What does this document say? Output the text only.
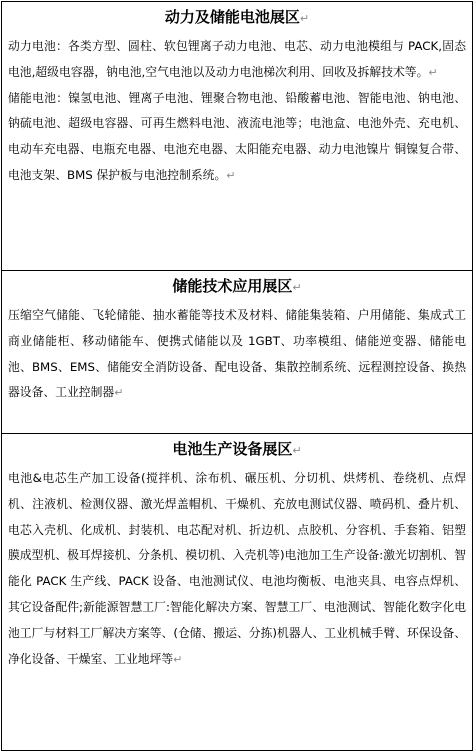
动力及储能电池展区↵

动力电池：各类方型、圆柱、软包锂离子动力电池、电芯、动力电池模组与 PACK,固态电池,超级电容器，钠电池,空气电池以及动力电池梯次利用、回收及拆解技术等。↵

储能电池：镍氢电池、锂离子电池、锂聚合物电池、铅酸蓄电池、智能电池、钠电池、钠硫电池、超级电容器、可再生燃料电池、液流电池等；电池盒、电池外壳、充电机、电动车充电器、电瓶充电器、电池充电器、太阳能充电器、动力电池镍片 铜镍复合带、电池支架、BMS 保护板与电池控制系统。↵

储能技术应用展区↵

压缩空气储能、飞轮储能、抽水蓄能等技术及材料、储能集装箱、户用储能、集成式工商业储能柜、移动储能车、便携式储能以及 1GBT、功率模组、储能逆变器、储能电池、BMS、EMS、储能安全消防设备、配电设备、集散控制系统、远程测控设备、换热器设备、工业控制器↵

电池生产设备展区↵

电池&电芯生产加工设备(搅拌机、涂布机、碾压机、分切机、烘烤机、卷绕机、点焊机、注液机、检测仪器、激光焊盖帽机、干燥机、充放电测试仪器、喷码机、叠片机、电芯入壳机、化成机、封装机、电芯配对机、折边机、点胶机、分容机、手套箱、铝塑膜成型机、极耳焊接机、分条机、模切机、入壳机等)电池加工生产设备:激光切割机、智能化 PACK 生产线、PACK 设备、电池测试仪、电池均衡板、电池夹具、电容点焊机、其它设备配件;新能源智慧工厂:智能化解决方案、智慧工厂、电池测试、智能化数字化电池工厂与材料工厂解决方案等、(仓储、搬运、分拣)机器人、工业机械手臂、环保设备、净化设备、干燥室、工业地坪等↵
